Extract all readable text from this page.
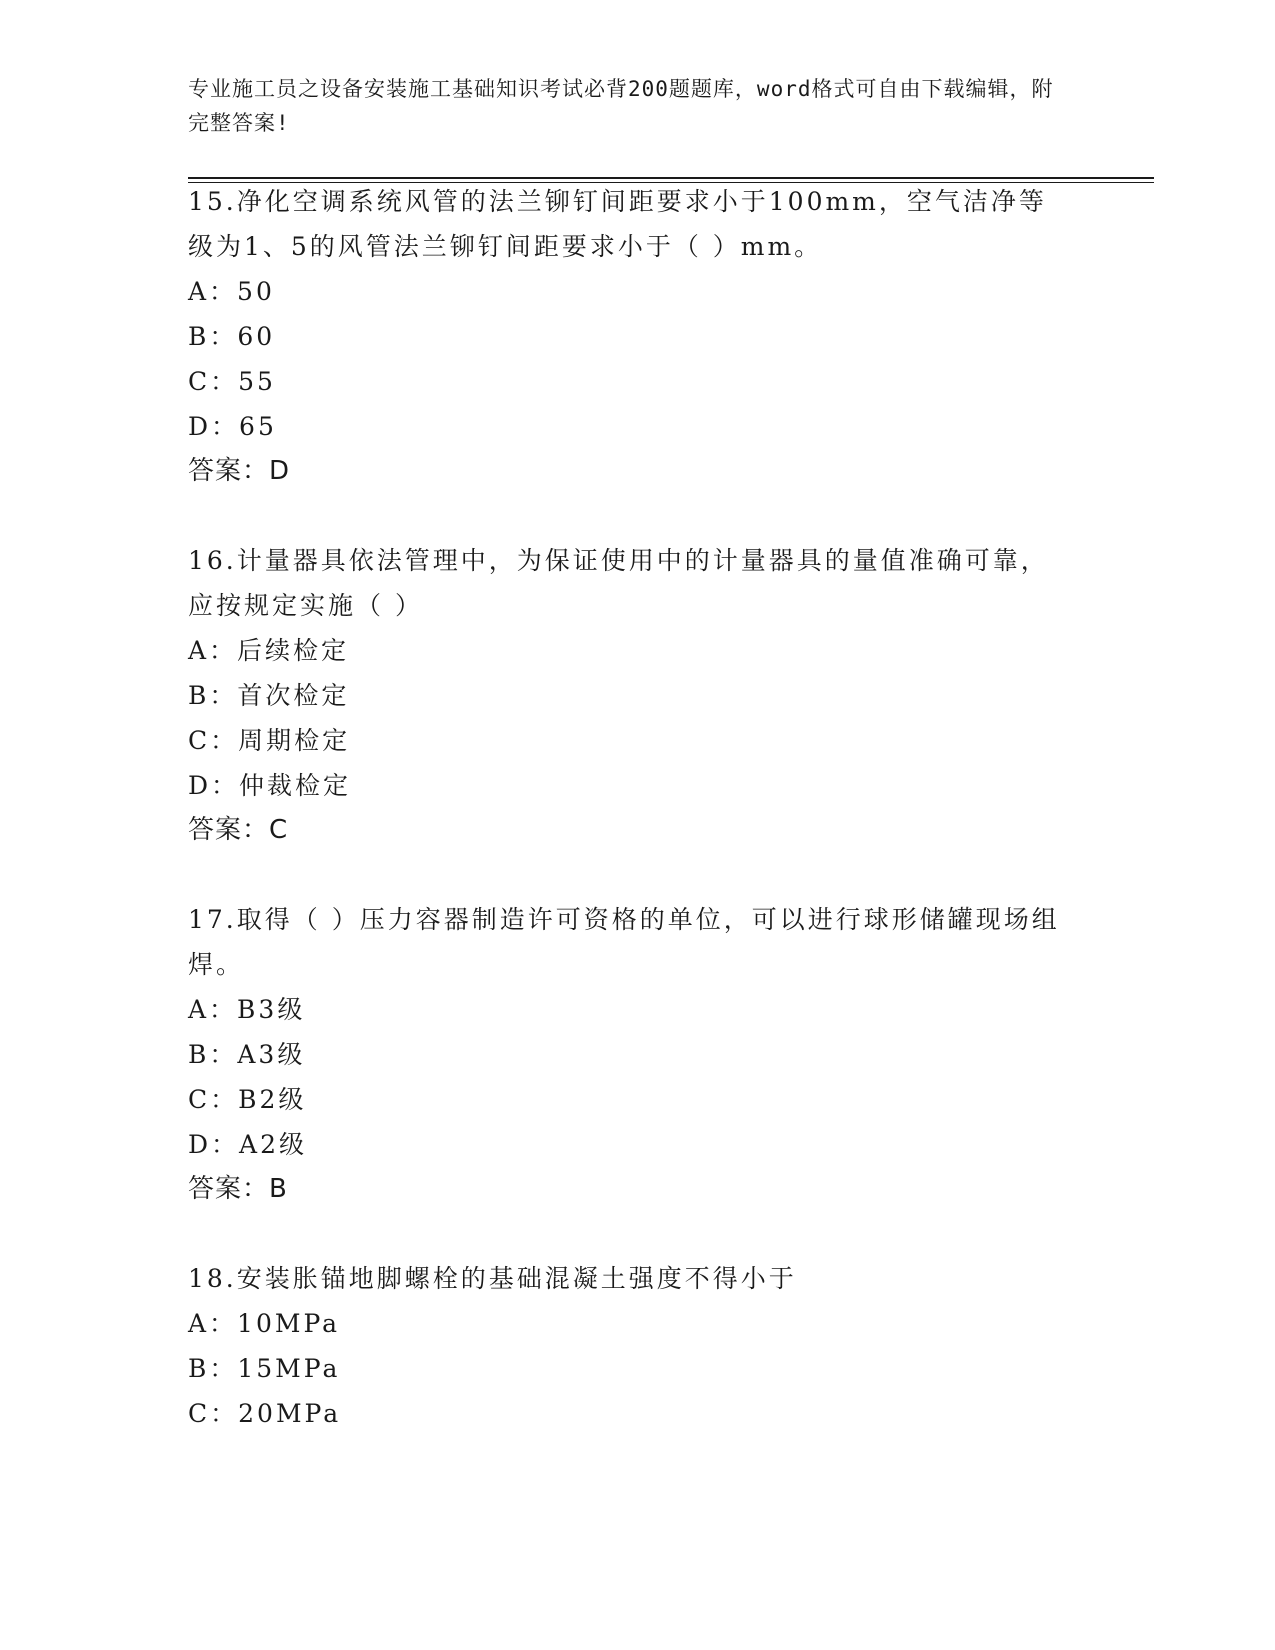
专业施工员之设备安装施工基础知识考试必背200题题库，word格式可自由下载编辑，附完整答案!
15.净化空调系统风管的法兰铆钉间距要求小于100mm，空气洁净等级为1、5的风管法兰铆钉间距要求小于（ ）mm。
A：50
B：60
C：55
D：65
答案：D
16.计量器具依法管理中，为保证使用中的计量器具的量值准确可靠，应按规定实施（ ）
A：后续检定
B：首次检定
C：周期检定
D：仲裁检定
答案：C
17.取得（ ）压力容器制造许可资格的单位，可以进行球形储罐现场组焊。
A：B3级
B：A3级
C：B2级
D：A2级
答案：B
18.安装胀锚地脚螺栓的基础混凝土强度不得小于
A：10MPa
B：15MPa
C：20MPa
